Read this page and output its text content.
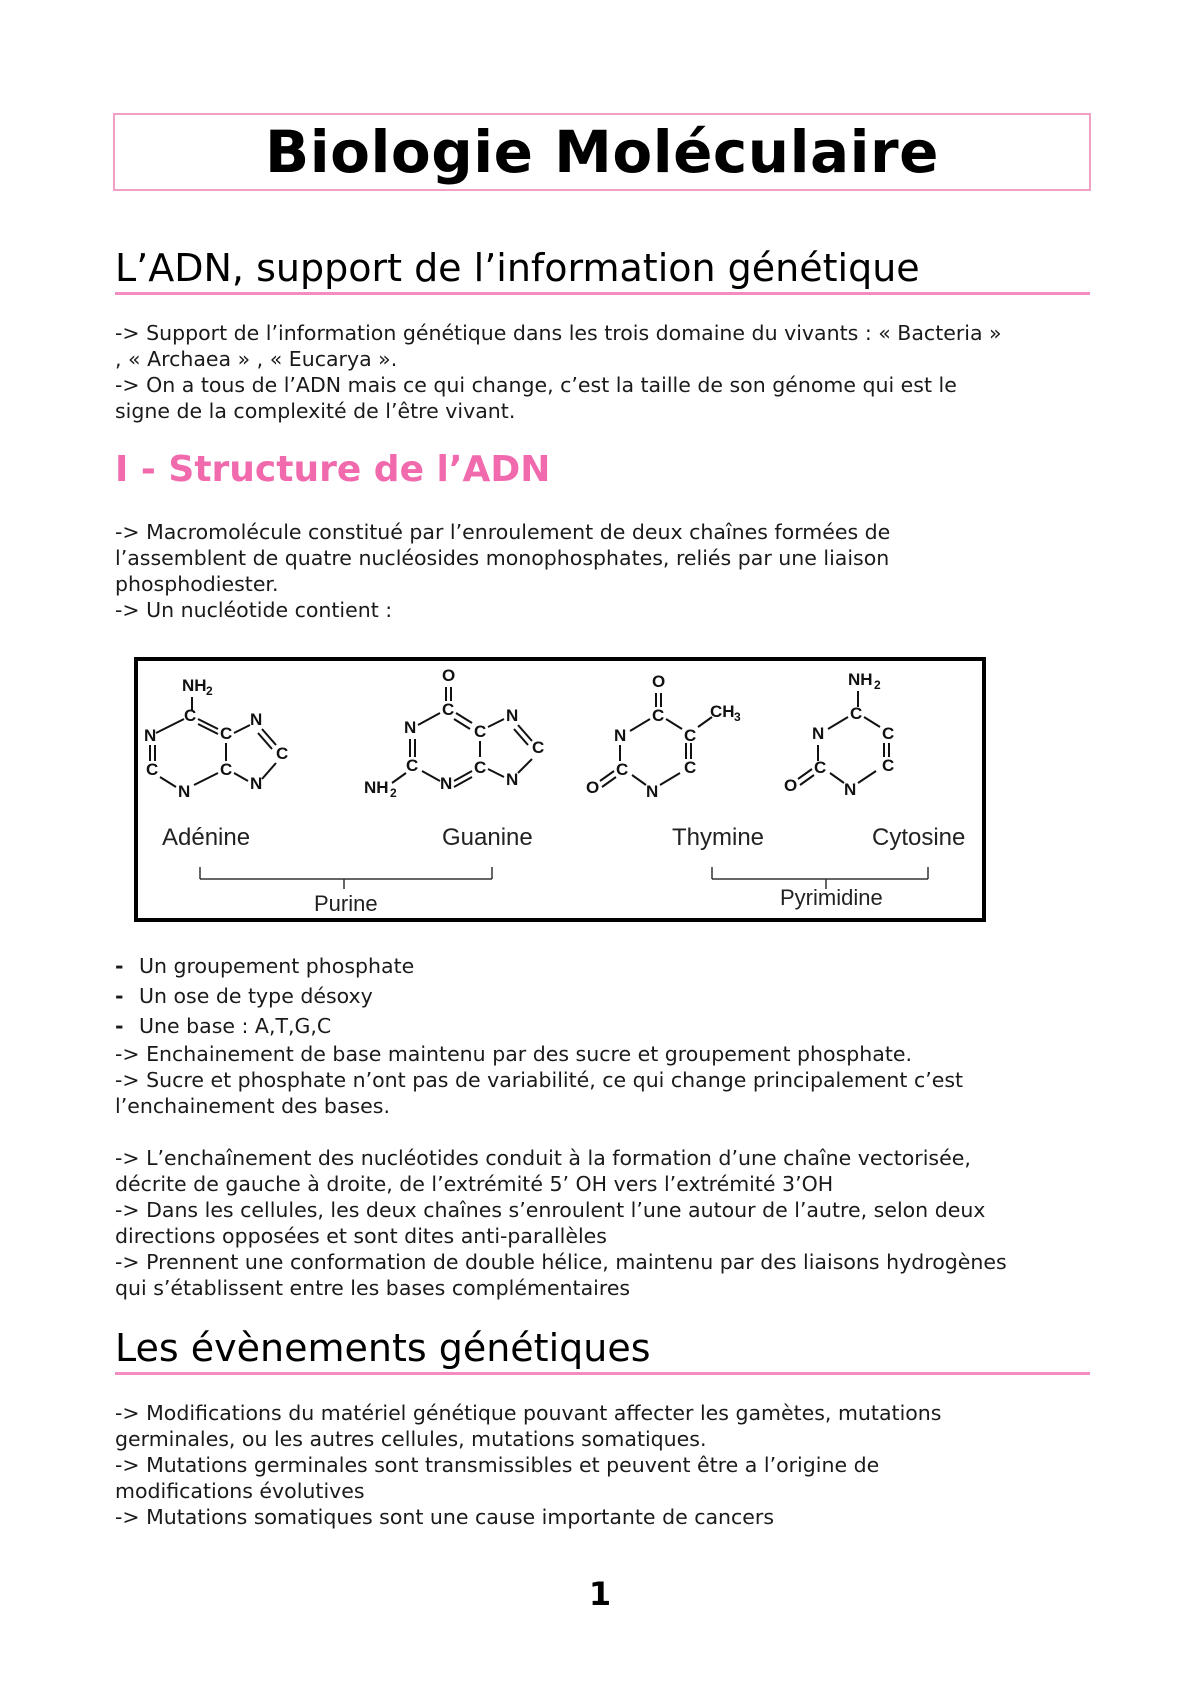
Biologie Moléculaire
L’ADN, support de l’information génétique
-> Support de l’information génétique dans les trois domaine du vivants : « Bacteria »
, « Archaea » , « Eucarya ».
-> On a tous de l’ADN mais ce qui change, c’est la taille de son génome qui est le
signe de la complexité de l’être vivant.
I - Structure de l’ADN
-> Macromolécule constitué par l’enroulement de deux chaînes formées de
l’assemblent de quatre nucléosides monophosphates, reliés par une liaison
phosphodiester.
-> Un nucléotide contient :
NH 2
C
C
N
C
N
C
N
C
N
O
C
N
C
NH 2	N
C
C
N
C
N
O
C
N
C
O	N
C
C
CH 3
NH 2
C
N
C
O	N
C
C
Adénine	Guanine	Thymine	Cytosine
Purine	Pyrimidine
- Un groupement phosphate
- Un ose de type désoxy
- Une base : A,T,G,C
-> Enchainement de base maintenu par des sucre et groupement phosphate.
-> Sucre et phosphate n’ont pas de variabilité, ce qui change principalement c’est
l’enchainement des bases.
-> L’enchaînement des nucléotides conduit à la formation d’une chaîne vectorisée,
décrite de gauche à droite, de l’extrémité 5’ OH vers l’extrémité 3’OH
-> Dans les cellules, les deux chaînes s’enroulent l’une autour de l’autre, selon deux
directions opposées et sont dites anti-parallèles
-> Prennent une conformation de double hélice, maintenu par des liaisons hydrogènes
qui s’établissent entre les bases complémentaires
Les évènements génétiques
-> Modifications du matériel génétique pouvant affecter les gamètes, mutations
germinales, ou les autres cellules, mutations somatiques.
-> Mutations germinales sont transmissibles et peuvent être a l’origine de
modifications évolutives
-> Mutations somatiques sont une cause importante de cancers
1
